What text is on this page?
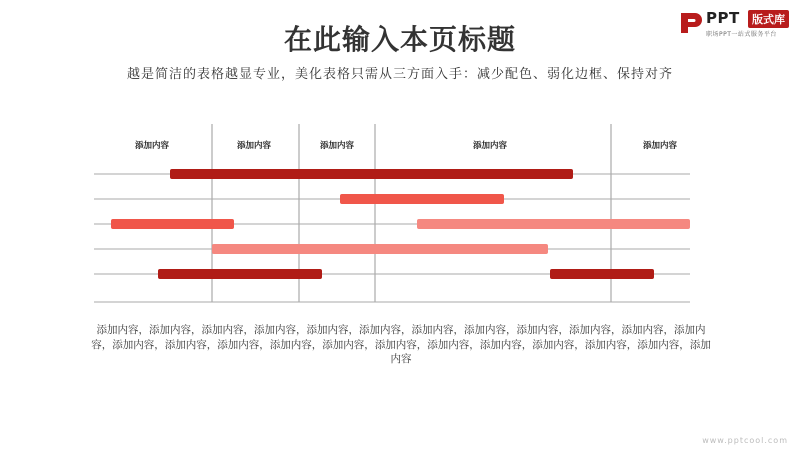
在此输入本页标题
越是简洁的表格越显专业，美化表格只需从三方面入手：减少配色、弱化边框、保持对齐
PPT	版式库
职场PPT一站式服务平台
添加内容	添加内容	添加内容	添加内容	添加内容
添加内容，添加内容，添加内容，添加内容，添加内容，添加内容，添加内容，添加内容，添加内容，添加内容，添加内容，添加内容，添加内容，添加内容，添加内容，添加内容，添加内容，添加内容，添加内容，添加内容，添加内容，添加内容，添加内容，添加内容
www.pptcool.com
